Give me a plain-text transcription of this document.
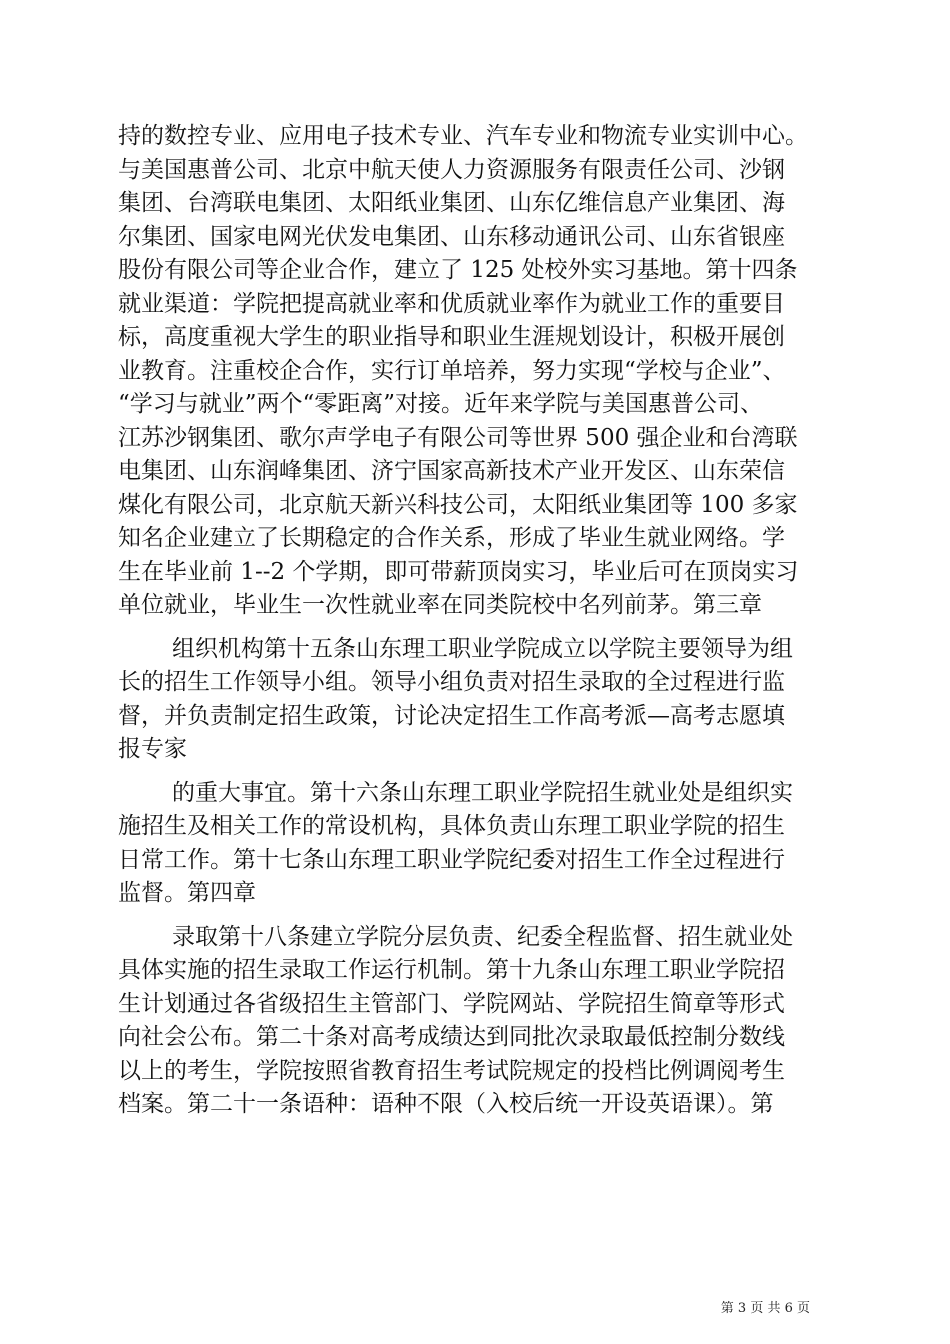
持的数控专业、应用电子技术专业、汽车专业和物流专业实训中心。
与美国惠普公司、北京中航天使人力资源服务有限责任公司、沙钢
集团、台湾联电集团、太阳纸业集团、山东亿维信息产业集团、海
尔集团、国家电网光伏发电集团、山东移动通讯公司、山东省银座
股份有限公司等企业合作，建立了 125 处校外实习基地。第十四条
就业渠道：学院把提高就业率和优质就业率作为就业工作的重要目
标，高度重视大学生的职业指导和职业生涯规划设计，积极开展创
业教育。注重校企合作，实行订单培养，努力实现“学校与企业”、
“学习与就业”两个“零距离”对接。近年来学院与美国惠普公司、
江苏沙钢集团、歌尔声学电子有限公司等世界 500 强企业和台湾联
电集团、山东润峰集团、济宁国家高新技术产业开发区、山东荣信
煤化有限公司，北京航天新兴科技公司，太阳纸业集团等 100 多家
知名企业建立了长期稳定的合作关系，形成了毕业生就业网络。学
生在毕业前 1--2 个学期，即可带薪顶岗实习，毕业后可在顶岗实习
单位就业，毕业生一次性就业率在同类院校中名列前茅。第三章
组织机构第十五条山东理工职业学院成立以学院主要领导为组
长的招生工作领导小组。领导小组负责对招生录取的全过程进行监
督，并负责制定招生政策，讨论决定招生工作高考派—高考志愿填
报专家
的重大事宜。第十六条山东理工职业学院招生就业处是组织实
施招生及相关工作的常设机构，具体负责山东理工职业学院的招生
日常工作。第十七条山东理工职业学院纪委对招生工作全过程进行
监督。第四章
录取第十八条建立学院分层负责、纪委全程监督、招生就业处
具体实施的招生录取工作运行机制。第十九条山东理工职业学院招
生计划通过各省级招生主管部门、学院网站、学院招生简章等形式
向社会公布。第二十条对高考成绩达到同批次录取最低控制分数线
以上的考生，学院按照省教育招生考试院规定的投档比例调阅考生
档案。第二十一条语种：语种不限（入校后统一开设英语课）。第
第 3 页 共 6 页
